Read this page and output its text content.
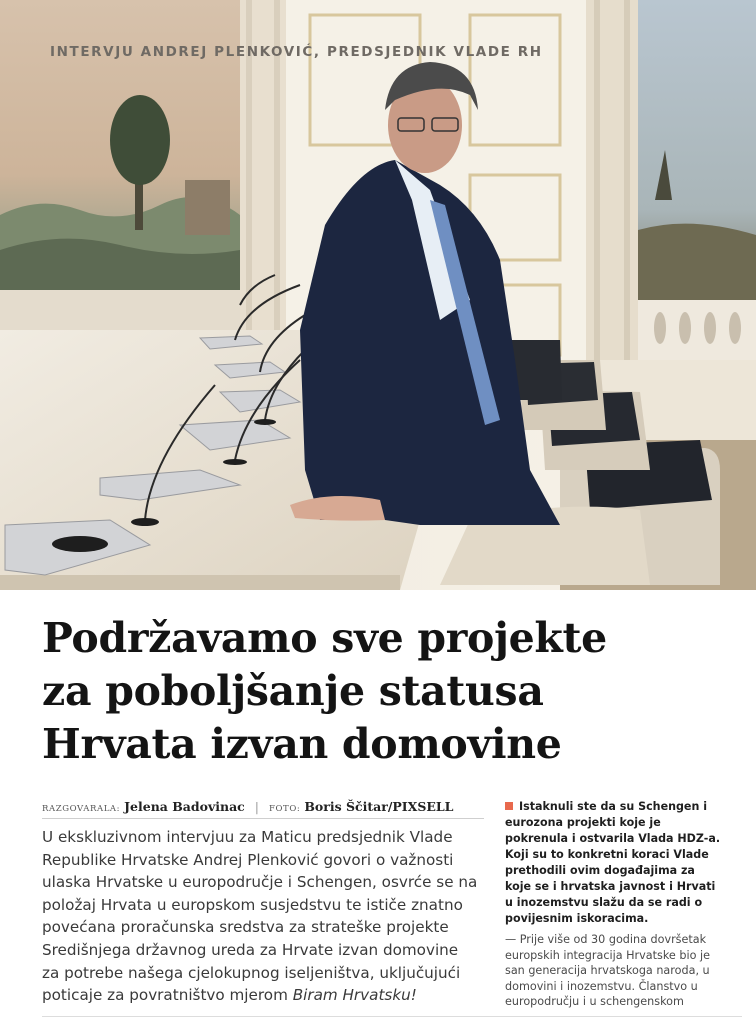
INTERVJU ANDREJ PLENKOVIĆ, PREDSJEDNIK VLADE RH
Podržavamo sve projekte
za poboljšanje statusa
Hrvata izvan domovine
RAZGOVARALA: Jelena Badovinac | FOTO: Boris Ščitar/PIXSELL

U ekskluzivnom intervjuu za Maticu predsjednik Vlade
Republike Hrvatske Andrej Plenković govori o važnosti
ulaska Hrvatske u europodručje i Schengen, osvrće se na
položaj Hrvata u europskom susjedstvu te ističe znatno
povećana proračunska sredstva za strateške projekte
Središnjega državnog ureda za Hrvate izvan domovine
za potrebe našega cjelokupnog iseljeništva, uključujući
poticaje za povratništvo mjerom Biram Hrvatsku!

Istaknuli ste da su Schengen i
eurozona projekti koje je
pokrenula i ostvarila Vlada HDZ-a.
Koji su to konkretni koraci Vlade
prethodili ovim događajima za
koje se i hrvatska javnost i Hrvati
u inozemstvu slažu da se radi o
povijesnim iskoracima.

— Prije više od 30 godina dovršetak
europskih integracija Hrvatske bio je
san generacija hrvatskoga naroda, u
domovini i inozemstvu. Članstvo u
europodručju i u schengenskom
